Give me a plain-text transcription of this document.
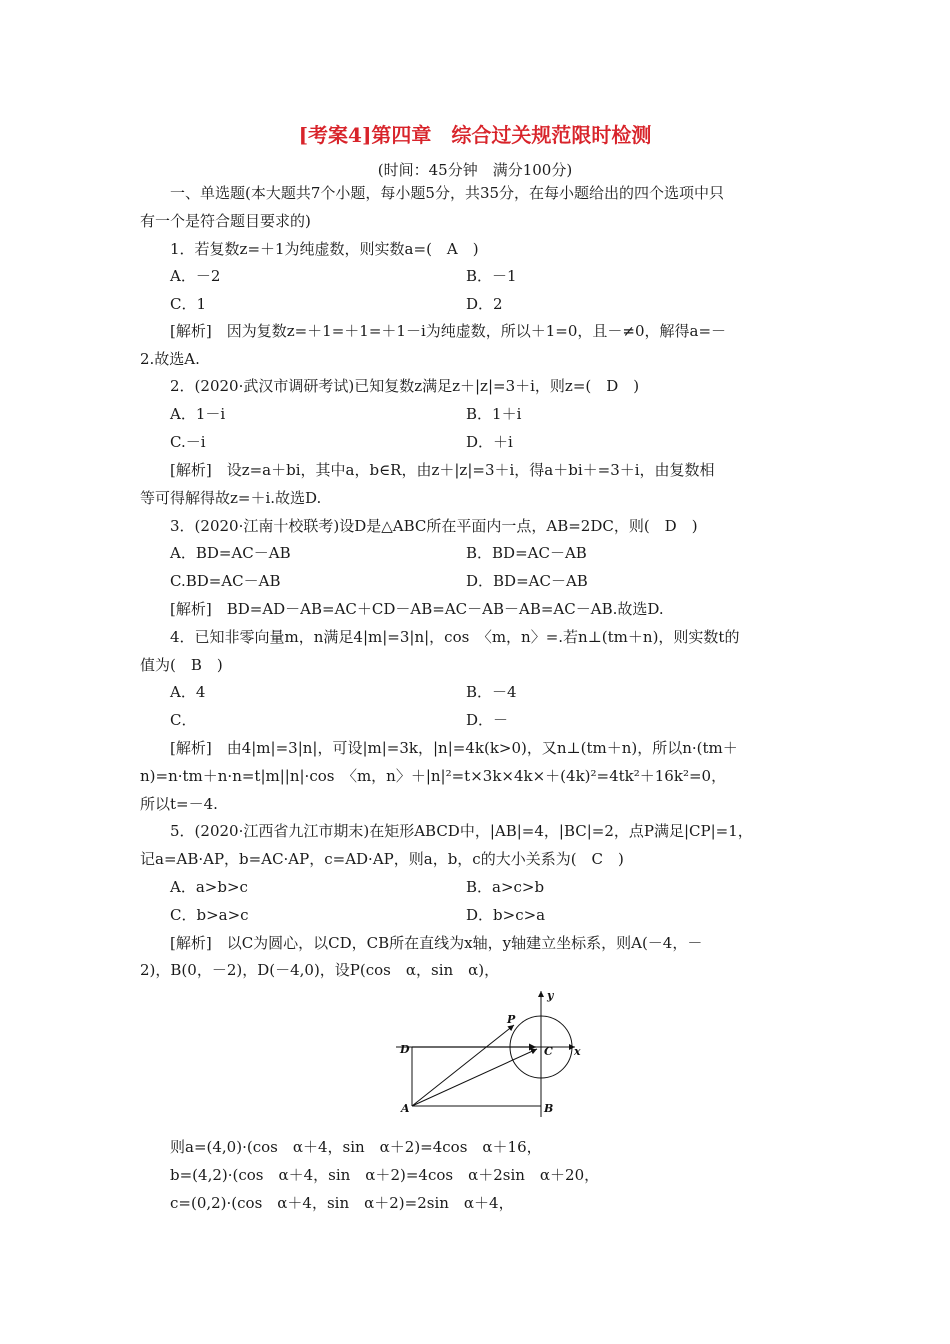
[考案4]第四章　综合过关规范限时检测
(时间：45分钟　满分100分)
一、单选题(本大题共7个小题，每小题5分，共35分，在每小题给出的四个选项中只
有一个是符合题目要求的)
1．若复数z=＋1为纯虚数，则实数a=(　A　)
A．－2	B．－1
C．1	D．2
[解析]　因为复数z=＋1=＋1=＋1－i为纯虚数，所以＋1=0，且－≠0，解得a=－
2.故选A.
2．(2020·武汉市调研考试)已知复数z满足z＋|z|=3＋i，则z=(　D　)
A．1－i	B．1＋i
C.－i	D．＋i
[解析]　设z=a＋bi，其中a，b∈R，由z＋|z|=3＋i，得a＋bi＋=3＋i，由复数相
等可得解得故z=＋i.故选D.
3．(2020·江南十校联考)设D是△ABC所在平面内一点，AB=2DC，则(　D　)
A．BD=AC－AB	B．BD=AC－AB
C.BD=AC－AB	D．BD=AC－AB
[解析]　BD=AD－AB=AC＋CD－AB=AC－AB－AB=AC－AB.故选D.
4．已知非零向量m，n满足4|m|=3|n|，cos　〈m，n〉=.若n⊥(tm＋n)，则实数t的
值为(　B　)
A．4	B．－4
C．	D．－
[解析]　由4|m|=3|n|，可设|m|=3k，|n|=4k(k>0)，又n⊥(tm＋n)，所以n·(tm＋
n)=n·tm＋n·n=t|m||n|·cos　〈m，n〉＋|n|²=t×3k×4k×＋(4k)²=4tk²＋16k²=0，
所以t=－4.
5．(2020·江西省九江市期末)在矩形ABCD中，|AB|=4，|BC|=2，点P满足|CP|=1，
记a=AB·AP，b=AC·AP，c=AD·AP，则a，b，c的大小关系为(　C　)
A．a>b>c	B．a>c>b
C．b>a>c	D．b>c>a
[解析]　以C为圆心，以CD，CB所在直线为x轴，y轴建立坐标系，则A(－4，－
2)，B(0，－2)，D(－4,0)，设P(cos　α，sin　α)，
y
x
P
D	C
A	B
则a=(4,0)·(cos　α＋4，sin　α＋2)=4cos　α＋16，
b=(4,2)·(cos　α＋4，sin　α＋2)=4cos　α＋2sin　α＋20，
c=(0,2)·(cos　α＋4，sin　α＋2)=2sin　α＋4，
